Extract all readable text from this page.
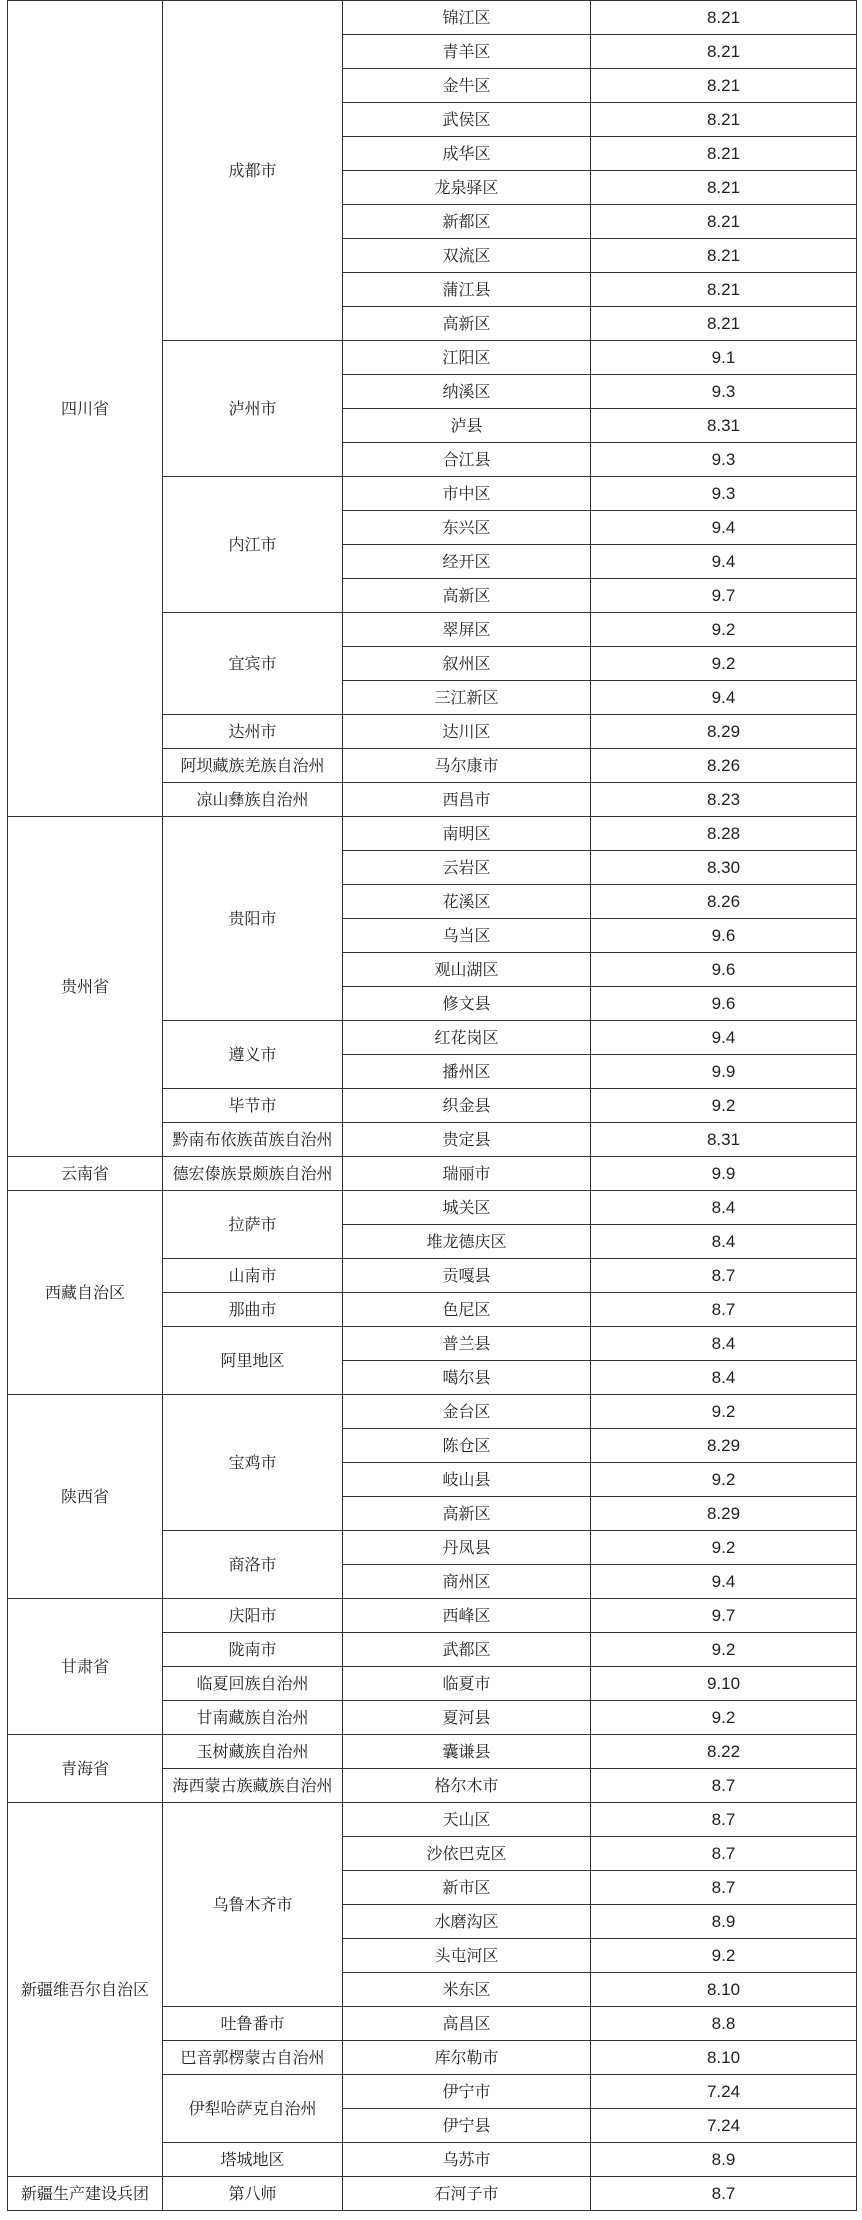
四川省	成都市	锦江区	8.21
		青羊区	8.21
		金牛区	8.21
		武侯区	8.21
		成华区	8.21
		龙泉驿区	8.21
		新都区	8.21
		双流区	8.21
		蒲江县	8.21
		高新区	8.21
	泸州市	江阳区	9.1
		纳溪区	9.3
		泸县	8.31
		合江县	9.3
	内江市	市中区	9.3
		东兴区	9.4
		经开区	9.4
		高新区	9.7
	宜宾市	翠屏区	9.2
		叙州区	9.2
		三江新区	9.4
	达州市	达川区	8.29
	阿坝藏族羌族自治州	马尔康市	8.26
	凉山彝族自治州	西昌市	8.23
贵州省	贵阳市	南明区	8.28
		云岩区	8.30
		花溪区	8.26
		乌当区	9.6
		观山湖区	9.6
		修文县	9.6
	遵义市	红花岗区	9.4
		播州区	9.9
	毕节市	织金县	9.2
	黔南布依族苗族自治州	贵定县	8.31
云南省	德宏傣族景颇族自治州	瑞丽市	9.9
西藏自治区	拉萨市	城关区	8.4
		堆龙德庆区	8.4
	山南市	贡嘎县	8.7
	那曲市	色尼区	8.7
	阿里地区	普兰县	8.4
		噶尔县	8.4
陕西省	宝鸡市	金台区	9.2
		陈仓区	8.29
		岐山县	9.2
		高新区	8.29
	商洛市	丹凤县	9.2
		商州区	9.4
甘肃省	庆阳市	西峰区	9.7
	陇南市	武都区	9.2
	临夏回族自治州	临夏市	9.10
	甘南藏族自治州	夏河县	9.2
青海省	玉树藏族自治州	囊谦县	8.22
	海西蒙古族藏族自治州	格尔木市	8.7
新疆维吾尔自治区	乌鲁木齐市	天山区	8.7
		沙依巴克区	8.7
		新市区	8.7
		水磨沟区	8.9
		头屯河区	9.2
		米东区	8.10
	吐鲁番市	高昌区	8.8
	巴音郭楞蒙古自治州	库尔勒市	8.10
	伊犁哈萨克自治州	伊宁市	7.24
		伊宁县	7.24
	塔城地区	乌苏市	8.9
新疆生产建设兵团	第八师	石河子市	8.7
